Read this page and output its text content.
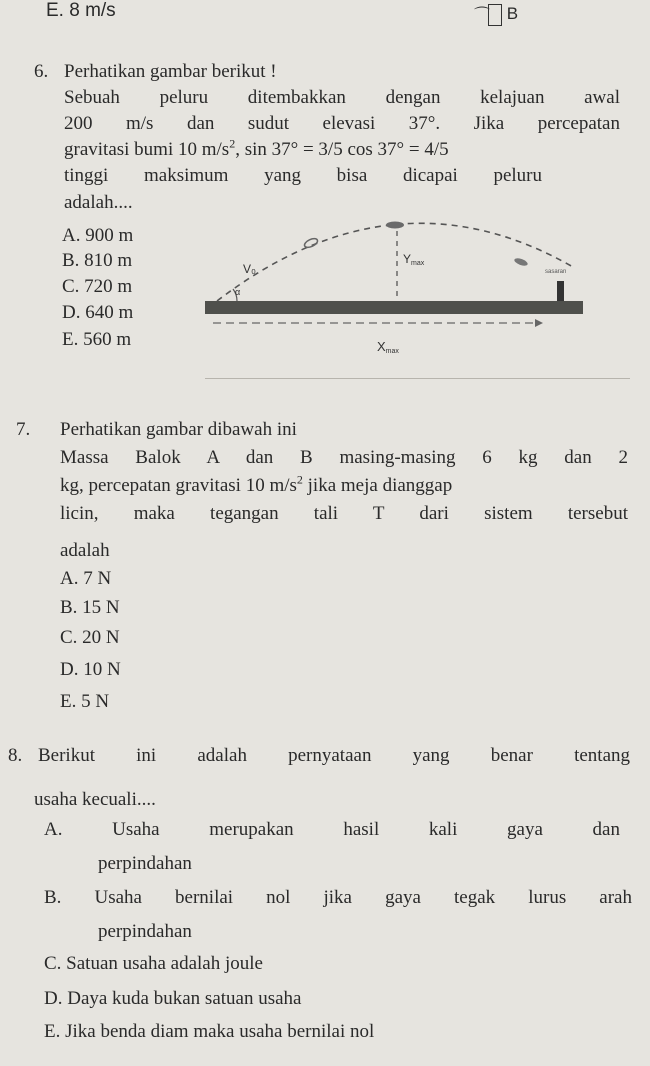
E. 8 m/s	⌒ B
6. Perhatikan gambar berikut !
Sebuah peluru ditembakkan dengan kelajuan awal
200 m/s dan sudut elevasi 37°. Jika percepatan
gravitasi bumi 10 $m/s^2$, sin 37° = 3/5 cos 37° = 4/5
tinggi maksimum yang bisa dicapai peluru
adalah....
A. 900 m
B. 810 m
C. 720 m
D. 640 m
E. 560 m
V₀
α
Ymax
sasaran
Xmax
7. Perhatikan gambar dibawah ini
Massa Balok A dan B masing-masing 6 kg dan 2
kg, percepatan gravitasi 10 $m/s^2$ jika meja dianggap
licin, maka tegangan tali T dari sistem tersebut
adalah
A. 7 N
B. 15 N
C. 20 N
D. 10 N
E. 5 N
8. Berikut ini adalah pernyataan yang benar tentang
usaha kecuali....
A. Usaha merupakan hasil kali gaya dan
perpindahan
B. Usaha bernilai nol jika gaya tegak lurus arah
perpindahan
C. Satuan usaha adalah joule
D. Daya kuda bukan satuan usaha
E. Jika benda diam maka usaha bernilai nol
